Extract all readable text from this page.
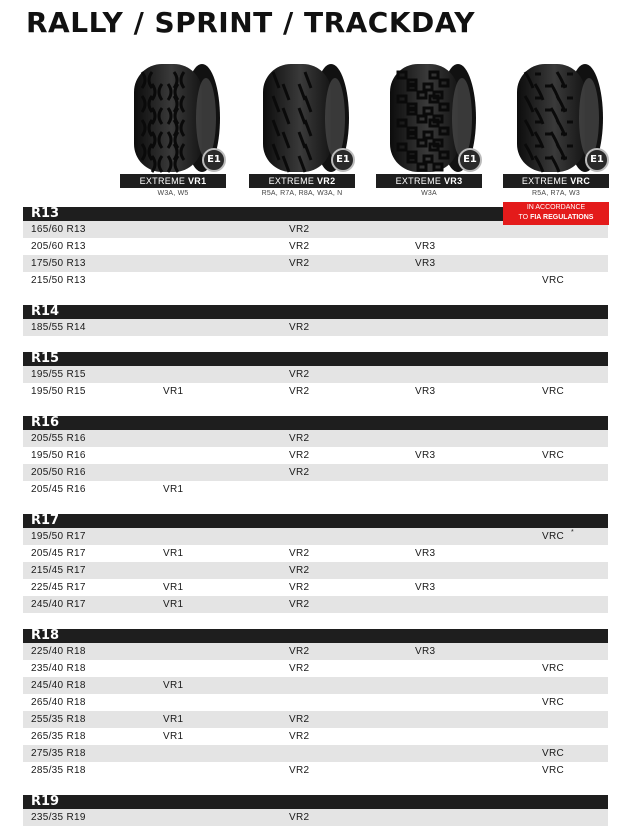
RALLY / SPRINT / TRACKDAY
E1
EXTREME VR1
W3A, W5
E1
EXTREME VR2
R5A, R7A, R8A, W3A, N
E1
EXTREME VR3
W3A
E1
EXTREME VRC
R5A, R7A, W3
IN ACCORDANCE
TO FIA REGULATIONS
R13
165/60 R13	VR2
205/60 R13	VR2	VR3
175/50 R13	VR2	VR3
215/50 R13	VRC
R14
185/55 R14	VR2
R15
195/55 R15	VR2
195/50 R15	VR1	VR2	VR3	VRC
R16
205/55 R16	VR2
195/50 R16	VR2	VR3	VRC
205/50 R16	VR2
205/45 R16	VR1
R17
195/50 R17	VRC *
205/45 R17	VR1	VR2	VR3
215/45 R17	VR2
225/45 R17	VR1	VR2	VR3
245/40 R17	VR1	VR2
R18
225/40 R18	VR2	VR3
235/40 R18	VR2	VRC
245/40 R18	VR1
265/40 R18	VRC
255/35 R18	VR1	VR2
265/35 R18	VR1	VR2
275/35 R18	VRC
285/35 R18	VR2	VRC
R19
235/35 R19	VR2
